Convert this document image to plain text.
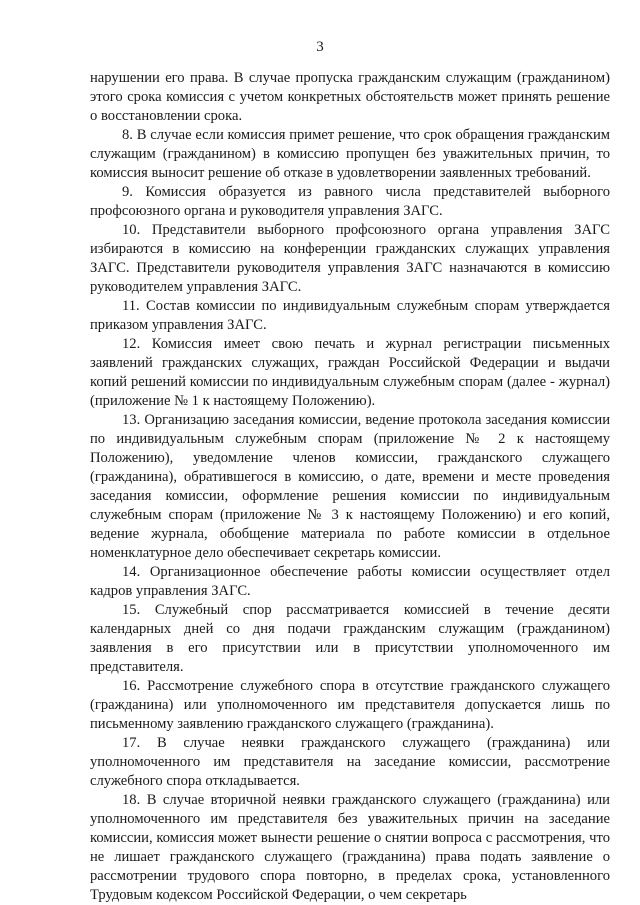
3

нарушении его права. В случае пропуска гражданским служащим (гражданином) этого срока комиссия с учетом конкретных обстоятельств может принять решение о восстановлении срока.

8. В случае если комиссия примет решение, что срок обращения гражданским служащим (гражданином) в комиссию пропущен без уважительных причин, то комиссия выносит решение об отказе в удовлетворении заявленных требований.

9. Комиссия образуется из равного числа представителей выборного профсоюзного органа и руководителя управления ЗАГС.

10. Представители выборного профсоюзного органа управления ЗАГС избираются в комиссию на конференции гражданских служащих управления ЗАГС. Представители руководителя управления ЗАГС назначаются в комиссию руководителем управления ЗАГС.

11. Состав комиссии по индивидуальным служебным спорам утверждается приказом управления ЗАГС.

12. Комиссия имеет свою печать и журнал регистрации письменных заявлений гражданских служащих, граждан Российской Федерации и выдачи копий решений комиссии по индивидуальным служебным спорам (далее - журнал) (приложение № 1 к настоящему Положению).

13. Организацию заседания комиссии, ведение протокола заседания комиссии по индивидуальным служебным спорам (приложение № 2 к настоящему Положению), уведомление членов комиссии, гражданского служащего (гражданина), обратившегося в комиссию, о дате, времени и месте проведения заседания комиссии, оформление решения комиссии по индивидуальным служебным спорам (приложение № 3 к настоящему Положению) и его копий, ведение журнала, обобщение материала по работе комиссии в отдельное номенклатурное дело обеспечивает секретарь комиссии.

14. Организационное обеспечение работы комиссии осуществляет отдел кадров управления ЗАГС.

15. Служебный спор рассматривается комиссией в течение десяти календарных дней со дня подачи гражданским служащим (гражданином) заявления в его присутствии или в присутствии уполномоченного им представителя.

16. Рассмотрение служебного спора в отсутствие гражданского служащего (гражданина) или уполномоченного им представителя допускается лишь по письменному заявлению гражданского служащего (гражданина).

17. В случае неявки гражданского служащего (гражданина) или уполномоченного им представителя на заседание комиссии, рассмотрение служебного спора откладывается.

18. В случае вторичной неявки гражданского служащего (гражданина) или уполномоченного им представителя без уважительных причин на заседание комиссии, комиссия может вынести решение о снятии вопроса с рассмотрения, что не лишает гражданского служащего (гражданина) права подать заявление о рассмотрении трудового спора повторно, в пределах срока, установленного Трудовым кодексом Российской Федерации, о чем секретарь
